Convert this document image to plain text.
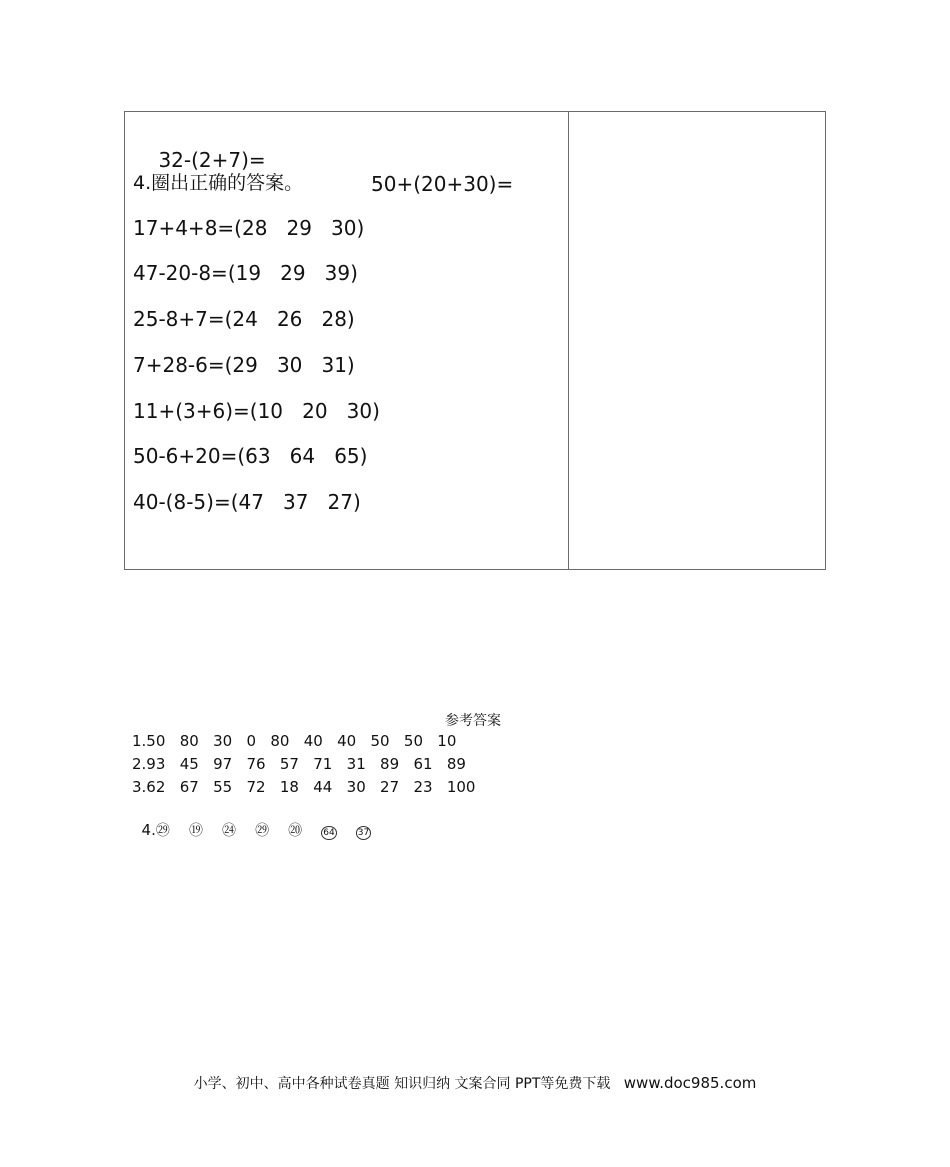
32-(2+7)=

50+(20+30)=

4.圈出正确的答案。
17+4+8=(28   29   30)
47-20-8=(19   29   39)
25-8+7=(24   26   28)
7+28-6=(29   30   31)
11+(3+6)=(10   20   30)
50-6+20=(63   64   65)
40-(8-5)=(47   37   27)
参考答案
1.50   80   30   0   80   40   40   50   50   10
2.93   45   97   76   57   71   31   89   61   89
3.62   67   55   72   18   44   30   27   23   100

4.㉙ ⑲ ㉔ ㉙ ⑳ 64	37

小学、初中、高中各种试卷真题 知识归纳 文案合同 PPT等免费下载 www.doc985.com
